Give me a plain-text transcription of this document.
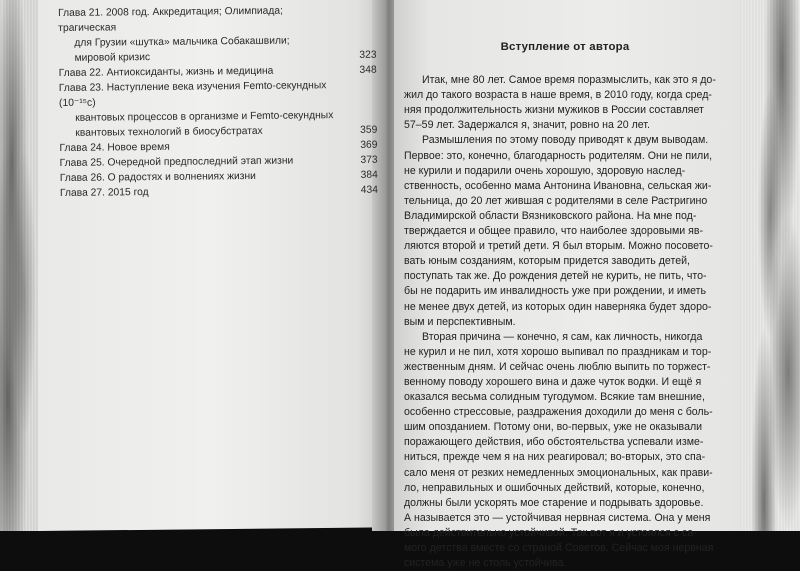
Глава 21. 2008 год. Аккредитация; Олимпиада; трагическая
для Грузии «шутка» мальчика Собакашвили;
мировой кризис	323
Глава 22. Антиоксиданты, жизнь и медицина	348
Глава 23. Наступление века изучения Femto-секундных (10⁻¹⁵c)
квантовых процессов в организме и Femto-секундных
квантовых технологий в биосубстратах	359
Глава 24. Новое время	369
Глава 25. Очередной предпоследний этап жизни	373
Глава 26. О радостях и волнениях жизни	384
Глава 27. 2015 год	434
Вступление от автора
Итак, мне 80 лет. Самое время поразмыслить, как это я до-
жил до такого возраста в наше время, в 2010 году, когда сред-
няя продолжительность жизни мужиков в России составляет
57–59 лет. Задержался я, значит, ровно на 20 лет.
Размышления по этому поводу приводят к двум выводам.
Первое: это, конечно, благодарность родителям. Они не пили,
не курили и подарили очень хорошую, здоровую наслед-
ственность, особенно мама Антонина Ивановна, сельская жи-
тельница, до 20 лет жившая с родителями в селе Растригино
Владимирской области Вязниковского района. На мне под-
тверждается и общее правило, что наиболее здоровыми яв-
ляются второй и третий дети. Я был вторым. Можно посовето-
вать юным созданиям, которым придется заводить детей,
поступать так же. До рождения детей не курить, не пить, что-
бы не подарить им инвалидность уже при рождении, и иметь
не менее двух детей, из которых один наверняка будет здоро-
вым и перспективным.
Вторая причина — конечно, я сам, как личность, никогда
не курил и не пил, хотя хорошо выпивал по праздникам и тор-
жественным дням. И сейчас очень люблю выпить по торжест-
венному поводу хорошего вина и даже чуток водки. И ещё я
оказался весьма солидным тугодумом. Всякие там внешние,
особенно стрессовые, раздражения доходили до меня с боль-
шим опозданием. Потому они, во-первых, уже не оказывали
поражающего действия, ибо обстоятельства успевали изме-
ниться, прежде чем я на них реагировал; во-вторых, это спа-
сало меня от резких немедленных эмоциональных, как прави-
ло, неправильных и ошибочных действий, которые, конечно,
должны были ускорять мое старение и подрывать здоровье.
А называется это — устойчивая нервная система. Она у меня
была действительно устойчивой. Так вот я и устоялся с са-
мого детства вместе со страной Советов. Сейчас моя нервная
система уже не столь устойчива.
